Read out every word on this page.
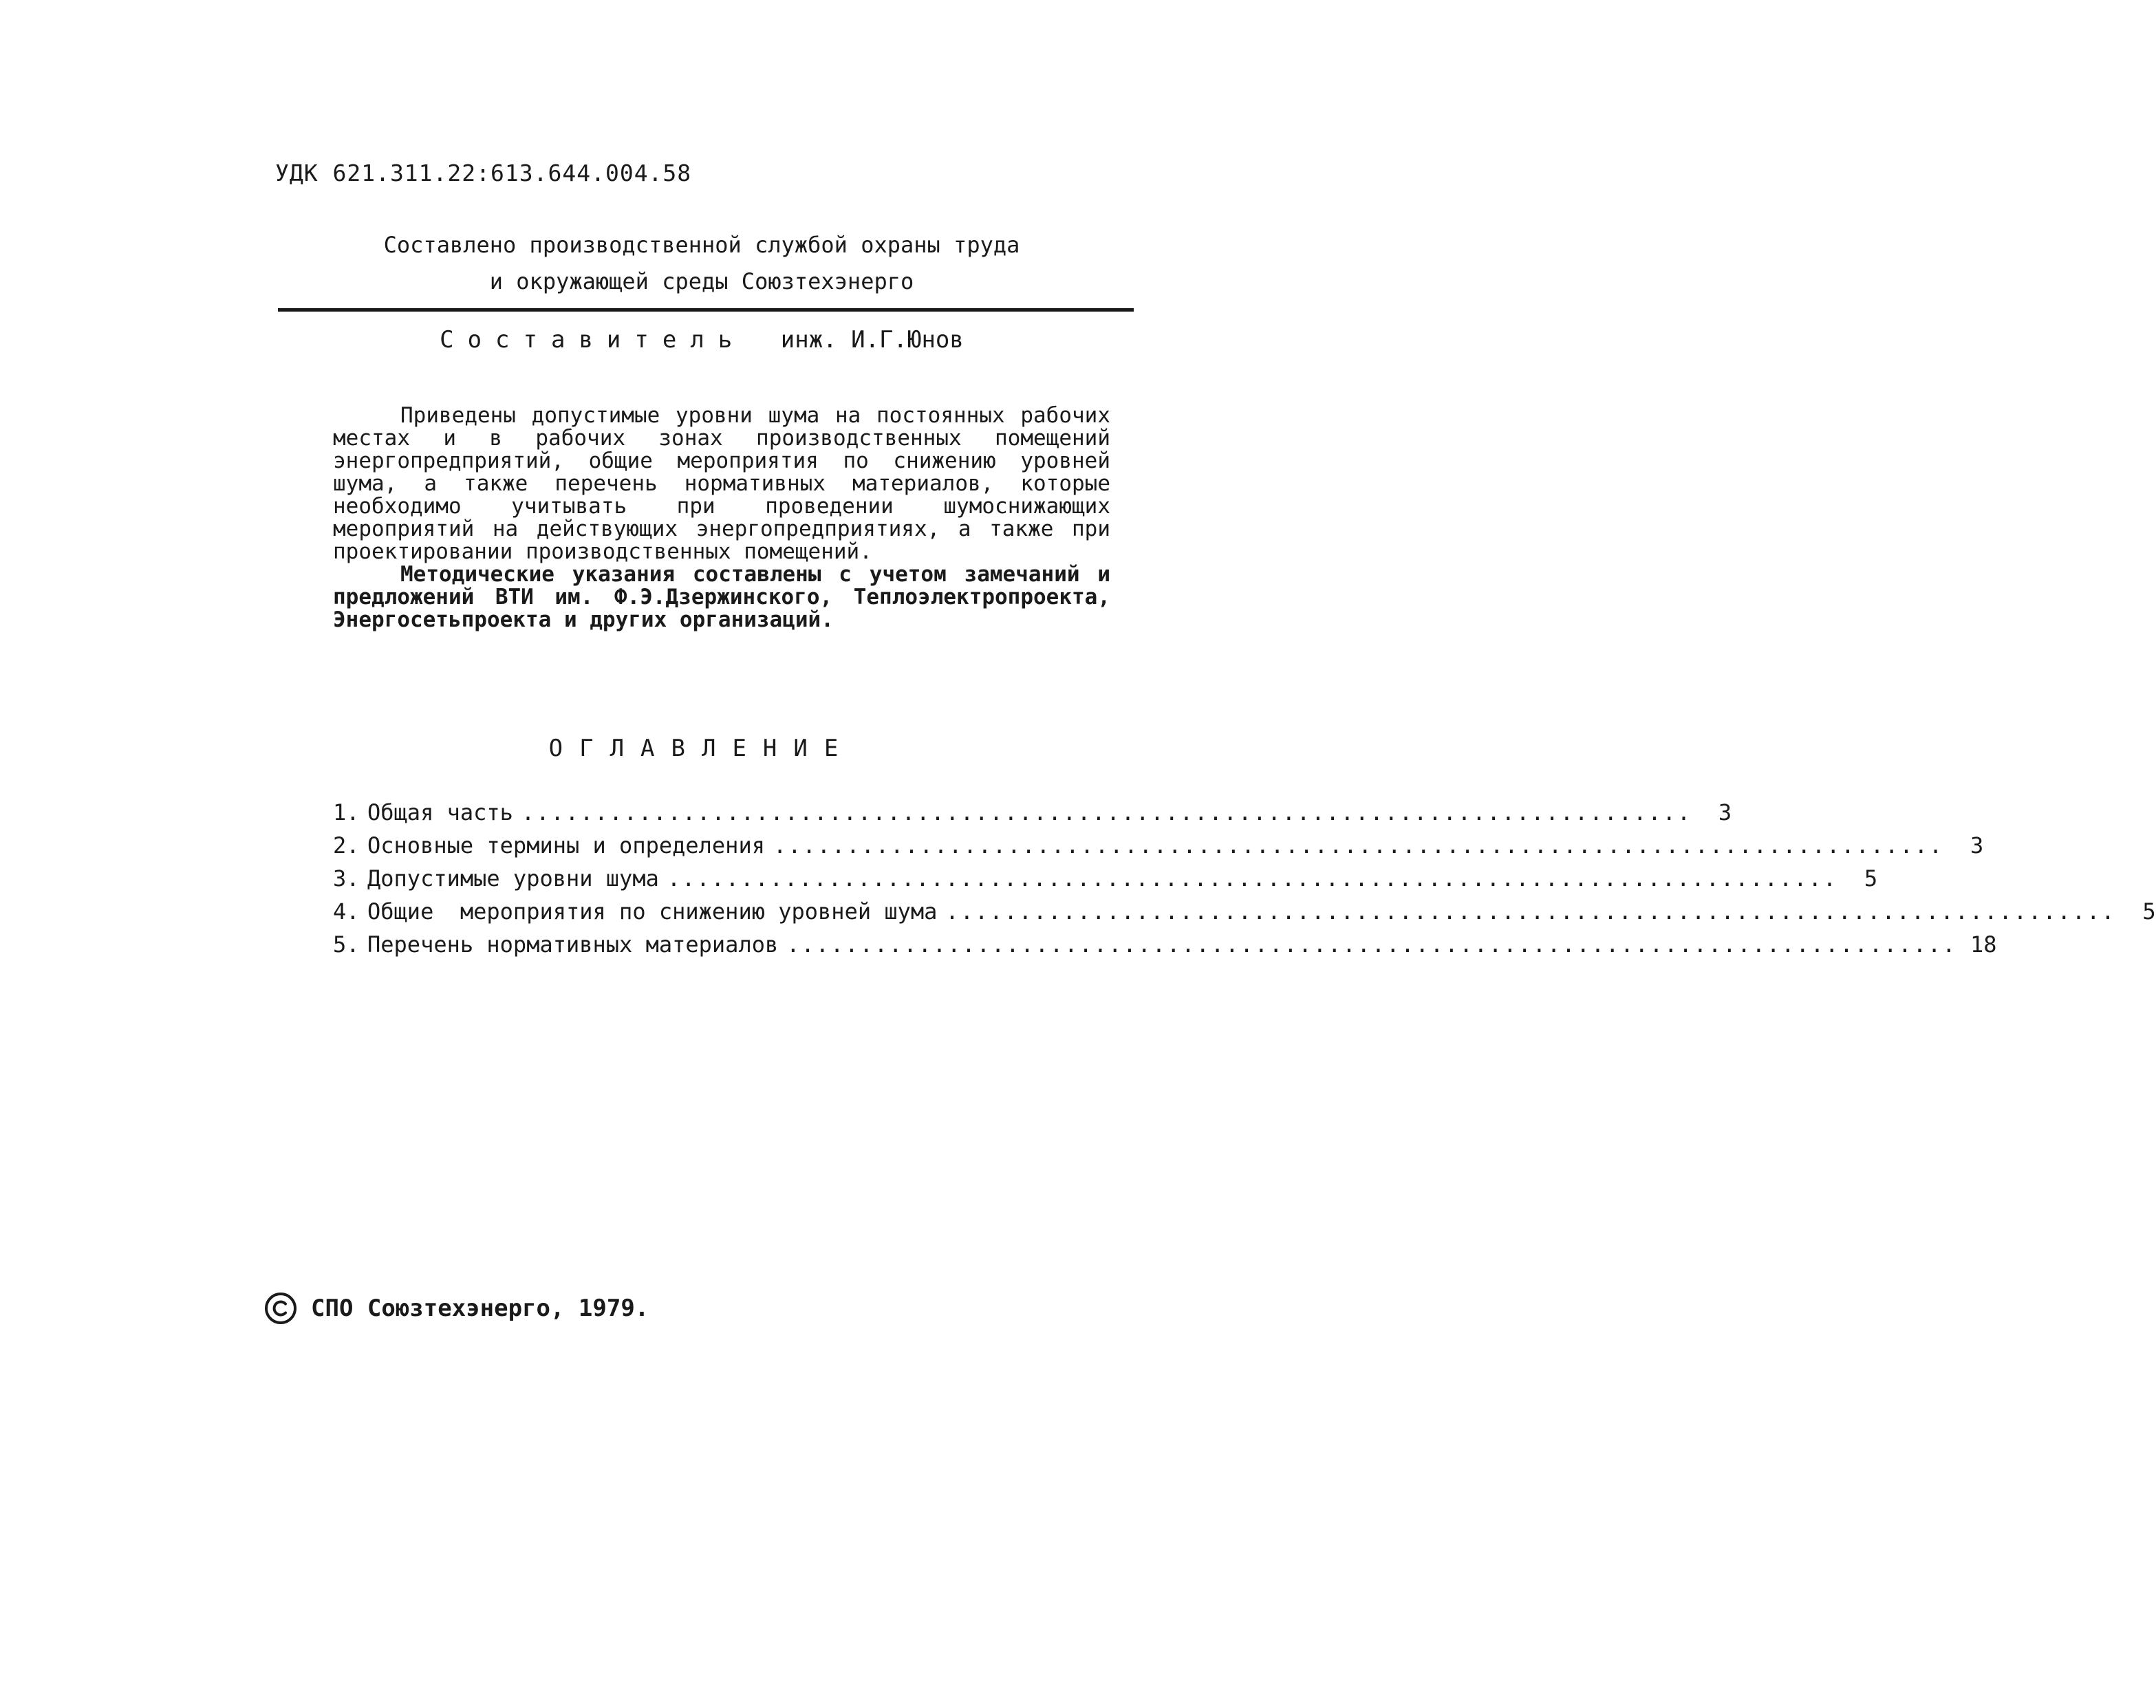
УДК 621.311.22:613.644.004.58
Составлено производственной службой охраны труда
и окружающей среды Союзтехэнерго
Составитель инж. И.Г.Юнов

Приведены допустимые уровни шума на постоянных рабочих местах и в рабочих зонах производственных помещений энергопредприятий, общие мероприятия по снижению уровней шума, а также перечень нормативных материалов, которые необходимо учитывать при проведении шумоснижающих мероприятий на действующих энергопредприятиях, а также при проектировании производственных помещений.

Методические указания составлены с учетом замечаний и предложений ВТИ им. Ф.Э.Дзержинского, Теплоэлектропроекта, Энергосетьпроекта и других организаций.

ОГЛАВЛЕНИЕ
1. Общая часть ................................................................................	3
2. Основные термины и определения ................................................................................	3
3. Допустимые уровни шума ................................................................................	5
4. Общие  мероприятия по снижению уровней шума ................................................................................	5
5. Перечень нормативных материалов ................................................................................ 18
СПО Союзтехэнерго, 1979.
